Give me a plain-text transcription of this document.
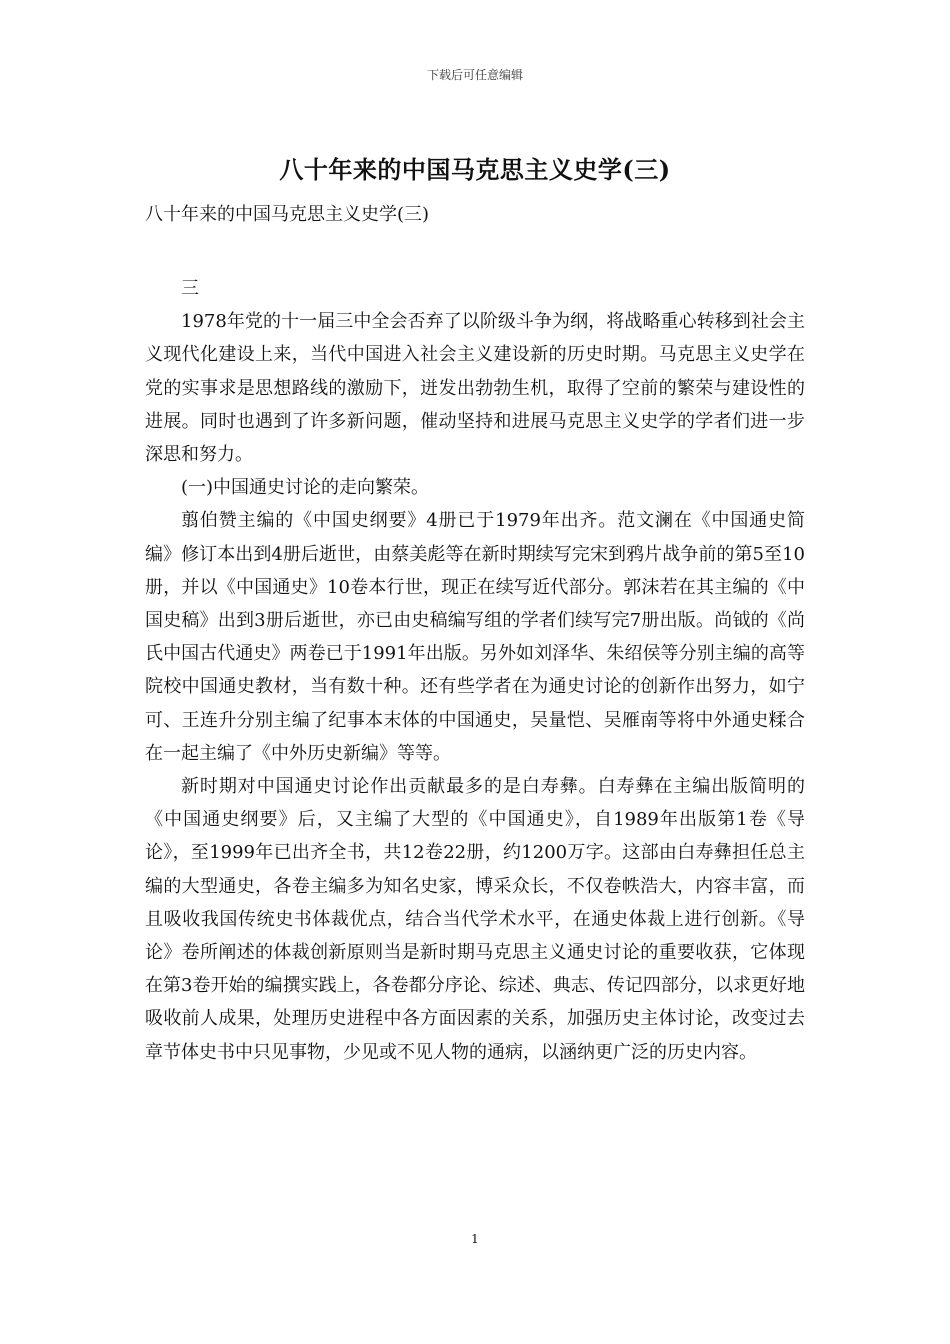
下载后可任意编辑
八十年来的中国马克思主义史学(三)
八十年来的中国马克思主义史学(三)

三

1978年党的十一届三中全会否弃了以阶级斗争为纲，将战略重心转移到社会主义现代化建设上来，当代中国进入社会主义建设新的历史时期。马克思主义史学在党的实事求是思想路线的激励下，迸发出勃勃生机，取得了空前的繁荣与建设性的进展。同时也遇到了许多新问题，催动坚持和进展马克思主义史学的学者们进一步深思和努力。

(一)中国通史讨论的走向繁荣。

翦伯赞主编的《中国史纲要》4册已于1979年出齐。范文澜在《中国通史简编》修订本出到4册后逝世，由蔡美彪等在新时期续写完宋到鸦片战争前的第5至10册，并以《中国通史》10卷本行世，现正在续写近代部分。郭沫若在其主编的《中国史稿》出到3册后逝世，亦已由史稿编写组的学者们续写完7册出版。尚钺的《尚氏中国古代通史》两卷已于1991年出版。另外如刘泽华、朱绍侯等分别主编的高等院校中国通史教材，当有数十种。还有些学者在为通史讨论的创新作出努力，如宁可、王连升分别主编了纪事本末体的中国通史，吴量恺、吴雁南等将中外通史糅合在一起主编了《中外历史新编》等等。

新时期对中国通史讨论作出贡献最多的是白寿彝。白寿彝在主编出版简明的《中国通史纲要》后，又主编了大型的《中国通史》，自1989年出版第1卷《导论》，至1999年已出齐全书，共12卷22册，约1200万字。这部由白寿彝担任总主编的大型通史，各卷主编多为知名史家，博采众长，不仅卷帙浩大，内容丰富，而且吸收我国传统史书体裁优点，结合当代学术水平，在通史体裁上进行创新。《导论》卷所阐述的体裁创新原则当是新时期马克思主义通史讨论的重要收获，它体现在第3卷开始的编撰实践上，各卷都分序论、综述、典志、传记四部分，以求更好地吸收前人成果，处理历史进程中各方面因素的关系，加强历史主体讨论，改变过去章节体史书中只见事物，少见或不见人物的通病，以涵纳更广泛的历史内容。

1
